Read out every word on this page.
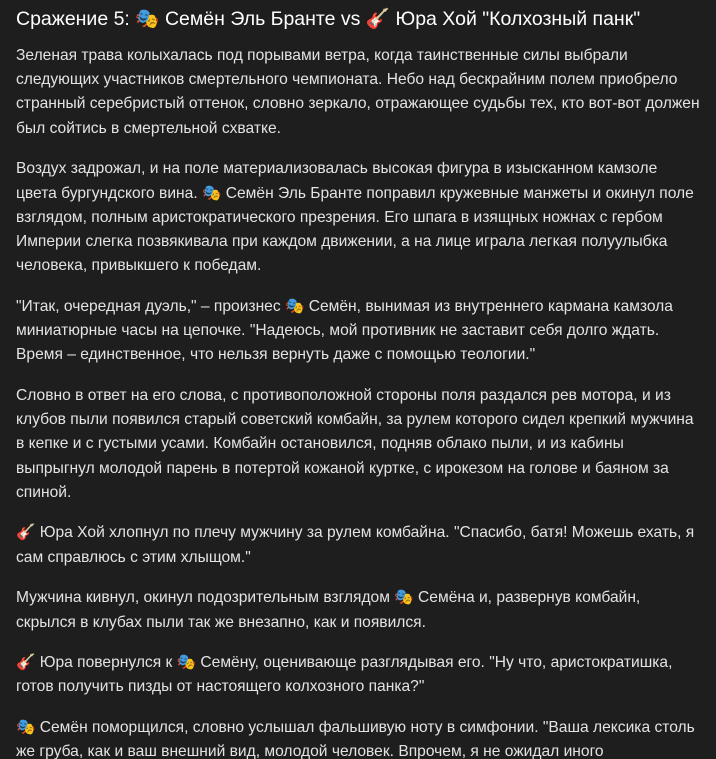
Сражение 5: 🎭 Семён Эль Бранте vs 🎸 Юра Хой "Колхозный панк"

Зеленая трава колыхалась под порывами ветра, когда таинственные силы выбрали следующих участников смертельного чемпионата. Небо над бескрайним полем приобрело странный серебристый оттенок, словно зеркало, отражающее судьбы тех, кто вот-вот должен был сойтись в смертельной схватке.

Воздух задрожал, и на поле материализовалась высокая фигура в изысканном камзоле цвета бургундского вина. 🎭 Семён Эль Бранте поправил кружевные манжеты и окинул поле взглядом, полным аристократического презрения. Его шпага в изящных ножнах с гербом Империи слегка позвякивала при каждом движении, а на лице играла легкая полуулыбка человека, привыкшего к победам.

"Итак, очередная дуэль," – произнес 🎭 Семён, вынимая из внутреннего кармана камзола миниатюрные часы на цепочке. "Надеюсь, мой противник не заставит себя долго ждать. Время – единственное, что нельзя вернуть даже с помощью теологии."

Словно в ответ на его слова, с противоположной стороны поля раздался рев мотора, и из клубов пыли появился старый советский комбайн, за рулем которого сидел крепкий мужчина в кепке и с густыми усами. Комбайн остановился, подняв облако пыли, и из кабины выпрыгнул молодой парень в потертой кожаной куртке, с ирокезом на голове и баяном за спиной.

🎸 Юра Хой хлопнул по плечу мужчину за рулем комбайна. "Спасибо, батя! Можешь ехать, я сам справлюсь с этим хлыщом."

Мужчина кивнул, окинул подозрительным взглядом 🎭 Семёна и, развернув комбайн, скрылся в клубах пыли так же внезапно, как и появился.

🎸 Юра повернулся к 🎭 Семёну, оценивающе разглядывая его. "Ну что, аристократишка, готов получить пизды от настоящего колхозного панка?"

🎭 Семён поморщился, словно услышал фальшивую ноту в симфонии. "Ваша лексика столь же груба, как и ваш внешний вид, молодой человек. Впрочем, я не ожидал иного
